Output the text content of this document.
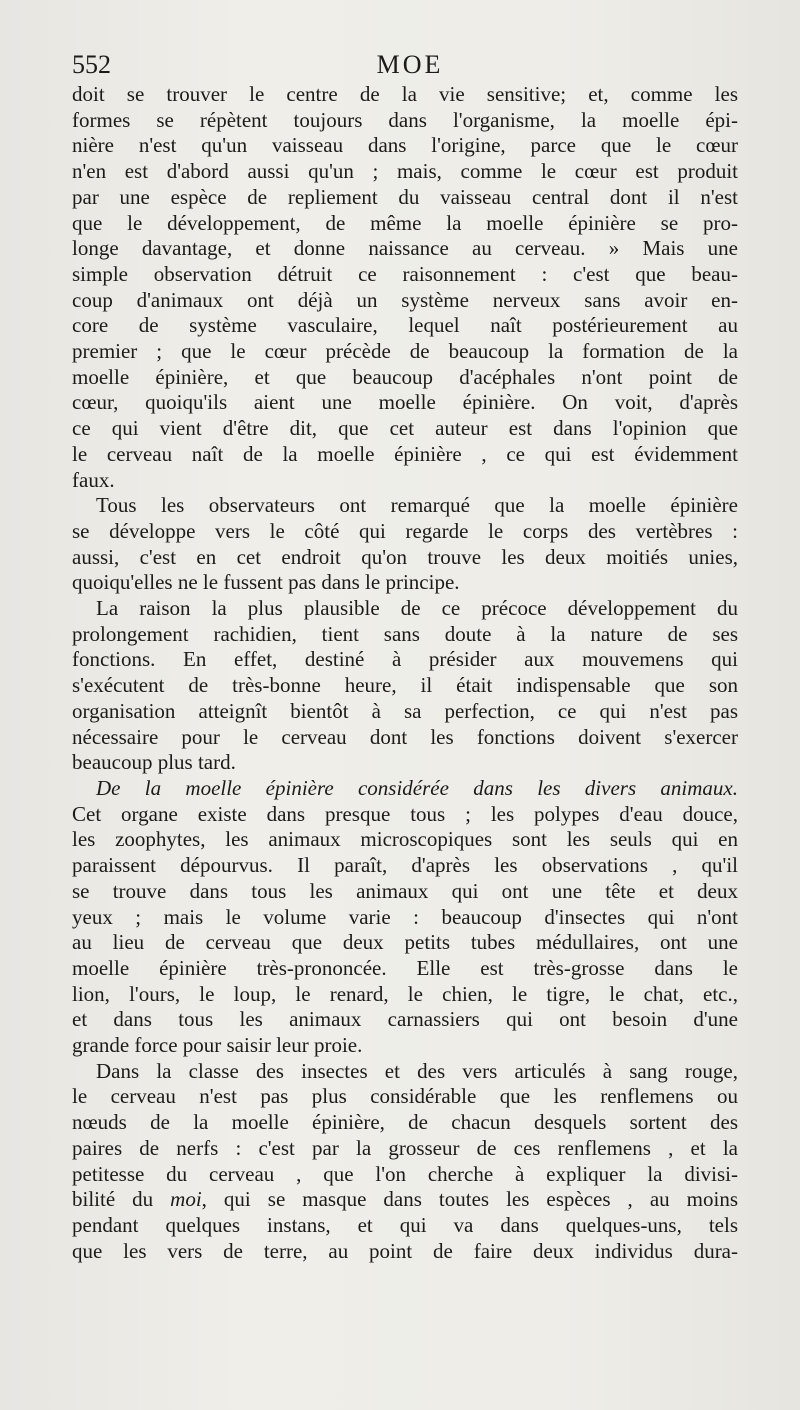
552	MOE

doit se trouver le centre de la vie sensitive; et, comme les
formes se répètent toujours dans l'organisme, la moelle épi-
nière n'est qu'un vaisseau dans l'origine, parce que le cœur
n'en est d'abord aussi qu'un ; mais, comme le cœur est produit
par une espèce de repliement du vaisseau central dont il n'est
que le développement, de même la moelle épinière se pro-
longe davantage, et donne naissance au cerveau. » Mais une
simple observation détruit ce raisonnement : c'est que beau-
coup d'animaux ont déjà un système nerveux sans avoir en-
core de système vasculaire, lequel naît postérieurement au
premier ; que le cœur précède de beaucoup la formation de la
moelle épinière, et que beaucoup d'acéphales n'ont point de
cœur, quoiqu'ils aient une moelle épinière. On voit, d'après
ce qui vient d'être dit, que cet auteur est dans l'opinion que
le cerveau naît de la moelle épinière , ce qui est évidemment
faux.

Tous les observateurs ont remarqué que la moelle épinière
se développe vers le côté qui regarde le corps des vertèbres :
aussi, c'est en cet endroit qu'on trouve les deux moitiés unies,
quoiqu'elles ne le fussent pas dans le principe.

La raison la plus plausible de ce précoce développement du
prolongement rachidien, tient sans doute à la nature de ses
fonctions. En effet, destiné à présider aux mouvemens qui
s'exécutent de très-bonne heure, il était indispensable que son
organisation atteignît bientôt à sa perfection, ce qui n'est pas
nécessaire pour le cerveau dont les fonctions doivent s'exercer
beaucoup plus tard.

De la moelle épinière considérée dans les divers animaux.
Cet organe existe dans presque tous ; les polypes d'eau douce,
les zoophytes, les animaux microscopiques sont les seuls qui en
paraissent dépourvus. Il paraît, d'après les observations , qu'il
se trouve dans tous les animaux qui ont une tête et deux
yeux ; mais le volume varie : beaucoup d'insectes qui n'ont
au lieu de cerveau que deux petits tubes médullaires, ont une
moelle épinière très-prononcée. Elle est très-grosse dans le
lion, l'ours, le loup, le renard, le chien, le tigre, le chat, etc.,
et dans tous les animaux carnassiers qui ont besoin d'une
grande force pour saisir leur proie.

Dans la classe des insectes et des vers articulés à sang rouge,
le cerveau n'est pas plus considérable que les renflemens ou
nœuds de la moelle épinière, de chacun desquels sortent des
paires de nerfs : c'est par la grosseur de ces renflemens , et la
petitesse du cerveau , que l'on cherche à expliquer la divisi-
bilité du moi, qui se masque dans toutes les espèces , au moins
pendant quelques instans, et qui va dans quelques-uns, tels
que les vers de terre, au point de faire deux individus dura-
